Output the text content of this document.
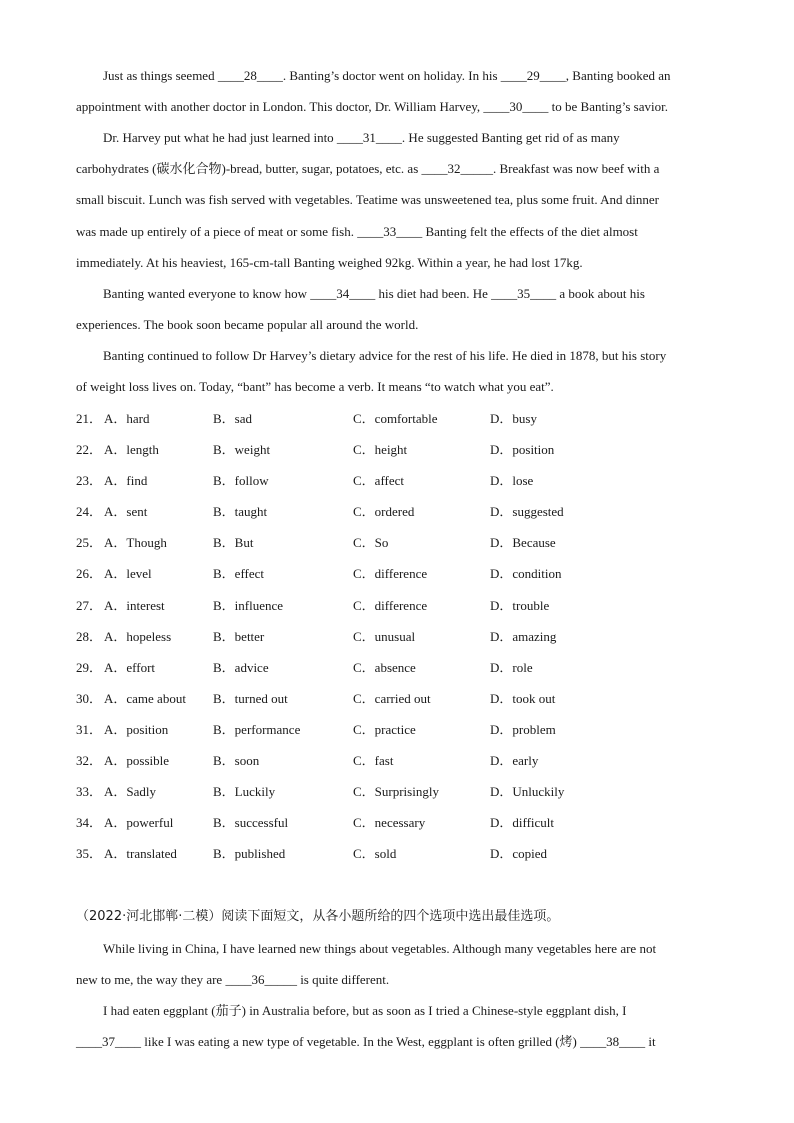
Just as things seemed ____28____. Banting’s doctor went on holiday. In his ____29____, Banting booked an

appointment with another doctor in London. This doctor, Dr. William Harvey, ____30____ to be Banting’s savior.

Dr. Harvey put what he had just learned into ____31____. He suggested Banting get rid of as many

carbohydrates (碳水化合物)-bread, butter, sugar, potatoes, etc. as ____32_____. Breakfast was now beef with a

small biscuit. Lunch was fish served with vegetables. Teatime was unsweetened tea, plus some fruit. And dinner

was made up entirely of a piece of meat or some fish. ____33____ Banting felt the effects of the diet almost

immediately. At his heaviest, 165-cm-tall Banting weighed 92kg. Within a year, he had lost 17kg.

Banting wanted everyone to know how ____34____ his diet had been. He ____35____ a book about his

experiences. The book soon became popular all around the world.

Banting continued to follow Dr Harvey’s dietary advice for the rest of his life. He died in 1878, but his story

of weight loss lives on. Today, “bant” has become a verb. It means “to watch what you eat”.

21． A．hard	B．sad	C．comfortable	D．busy
22． A．length	B．weight	C．height	D．position
23． A．find	B．follow	C．affect	D．lose
24． A．sent	B．taught	C．ordered	D．suggested
25． A．Though	B．But	C．So	D．Because
26． A．level	B．effect	C．difference	D．condition
27． A．interest	B．influence	C．difference	D．trouble
28． A．hopeless	B．better	C．unusual	D．amazing
29． A．effort	B．advice	C．absence	D．role
30． A．came about B．turned out	C．carried out	D．took out
31． A．position	B．performance	C．practice	D．problem
32． A．possible	B．soon	C．fast	D．early
33． A．Sadly	B．Luckily	C．Surprisingly	D．Unluckily
34． A．powerful	B．successful	C．necessary	D．difficult
35． A．translated	B．published	C．sold	D．copied
（2022·河北邯郸·二模）阅读下面短文，从各小题所给的四个选项中选出最佳选项。

While living in China, I have learned new things about vegetables. Although many vegetables here are not

new to me, the way they are ____36_____ is quite different.

I had eaten eggplant (茄子) in Australia before, but as soon as I tried a Chinese-style eggplant dish, I

____37____ like I was eating a new type of vegetable. In the West, eggplant is often grilled (烤) ____38____ it
